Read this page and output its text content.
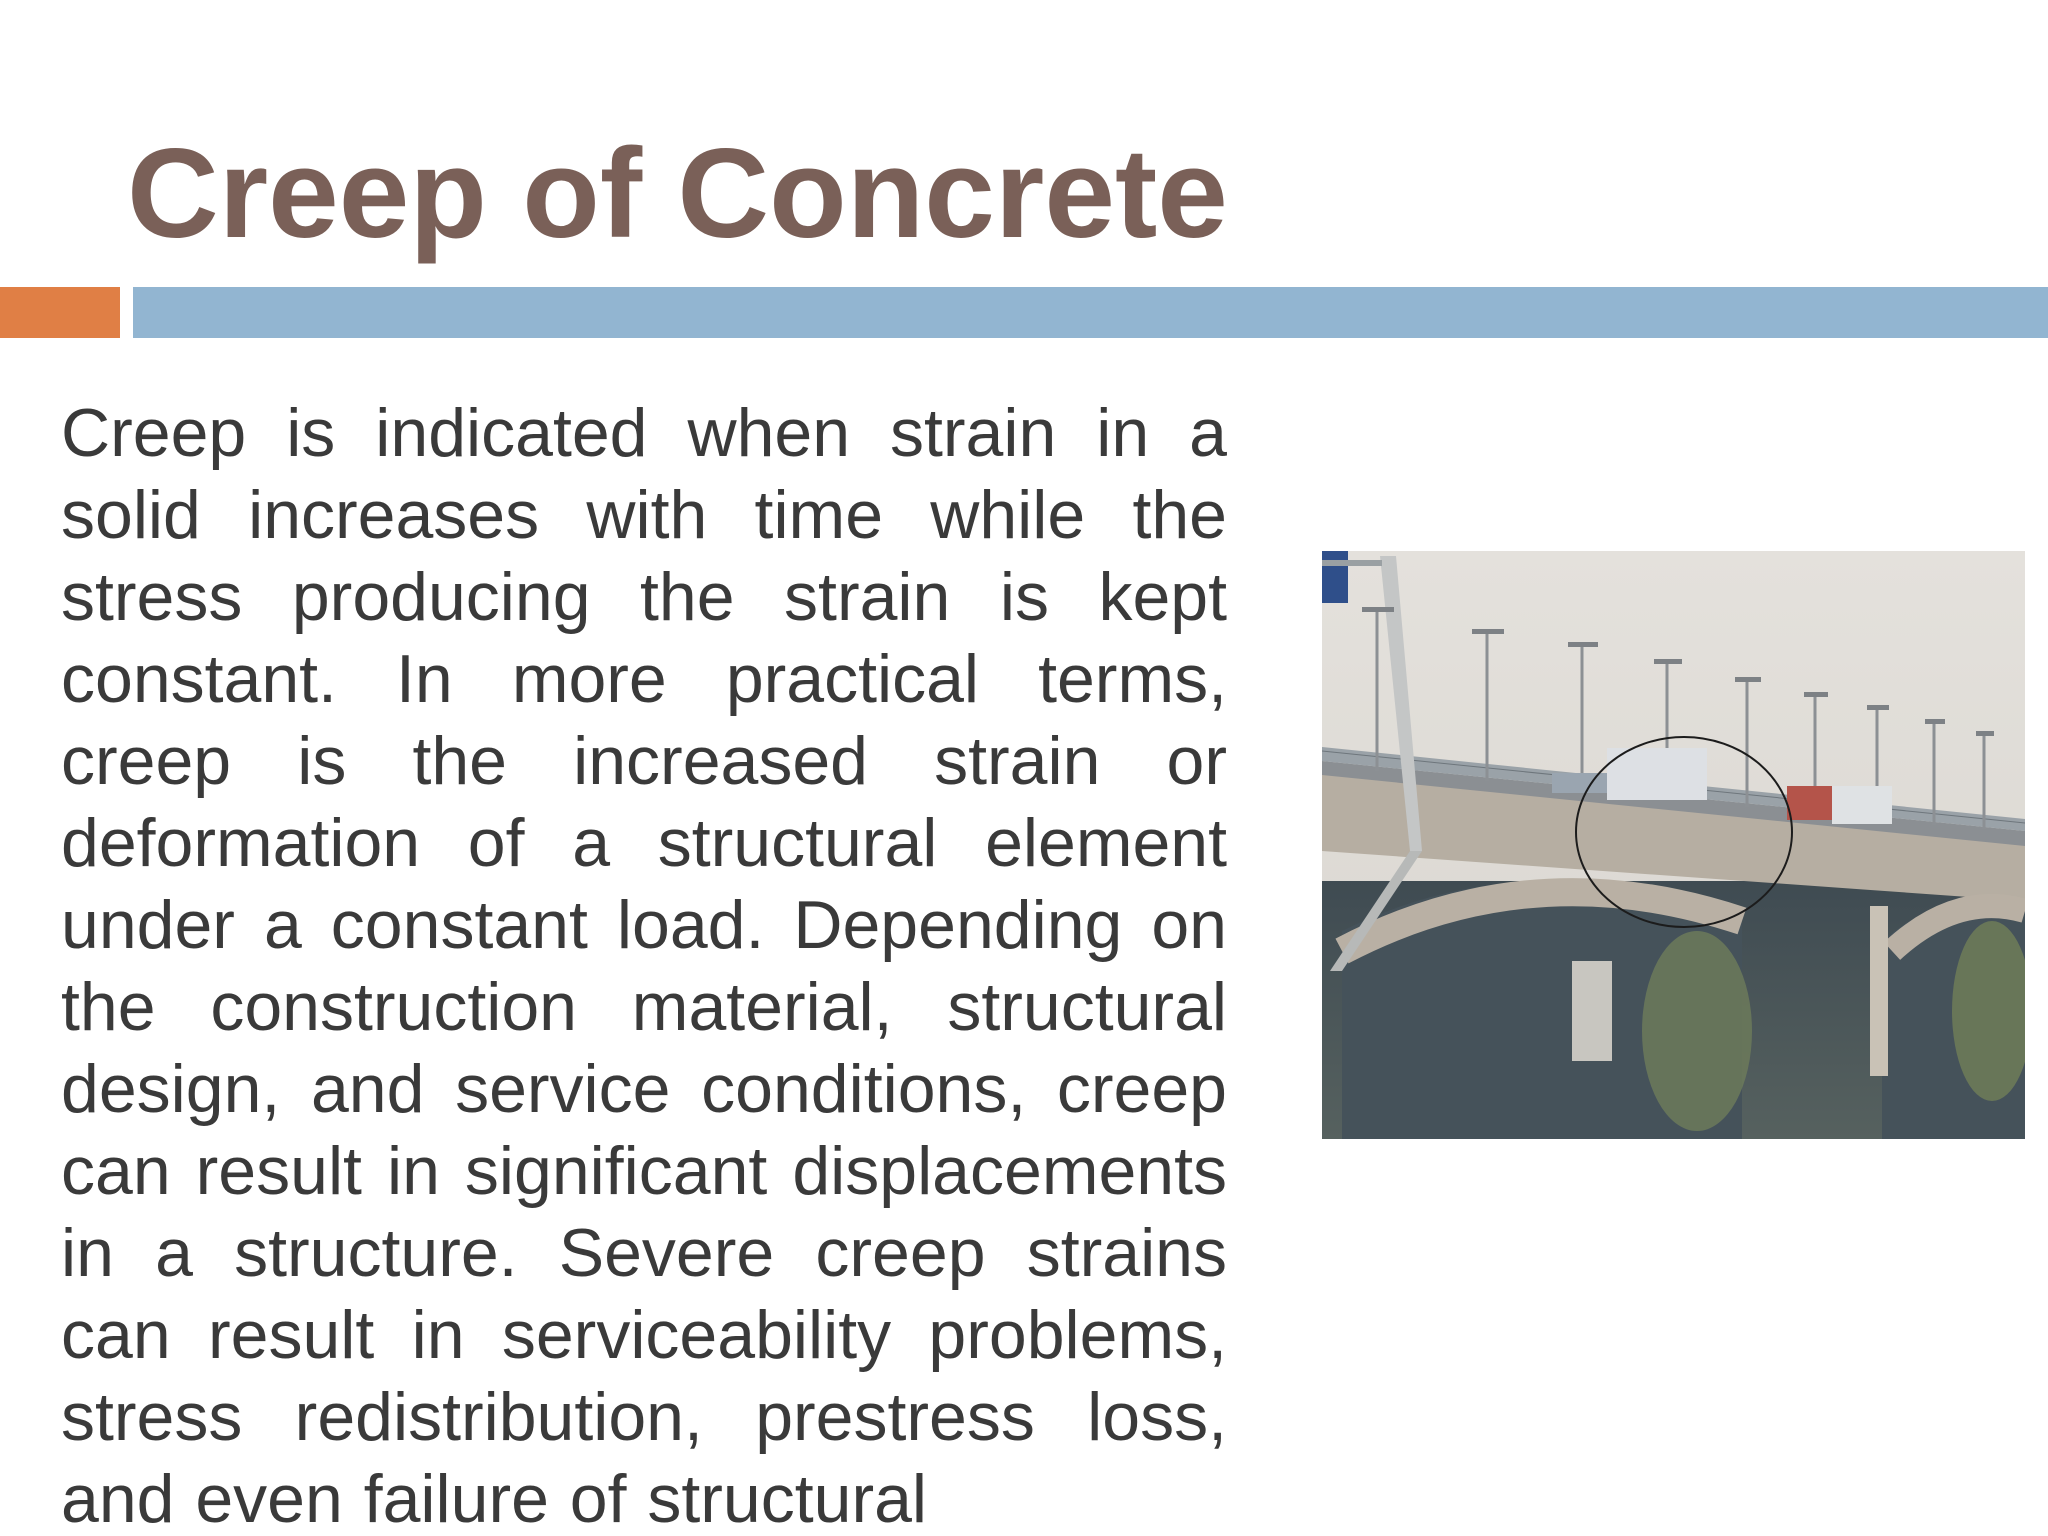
Creep of Concrete

Creep is indicated when strain in a solid increases with time while the stress producing the strain is kept constant. In more practical terms, creep is the increased strain or deformation of a structural element under a constant load. Depending on the construction material, structural design, and service conditions, creep can result in significant displacements in a structure. Severe creep strains can result in serviceability problems, stress redistribution, prestress loss, and even failure of structural
